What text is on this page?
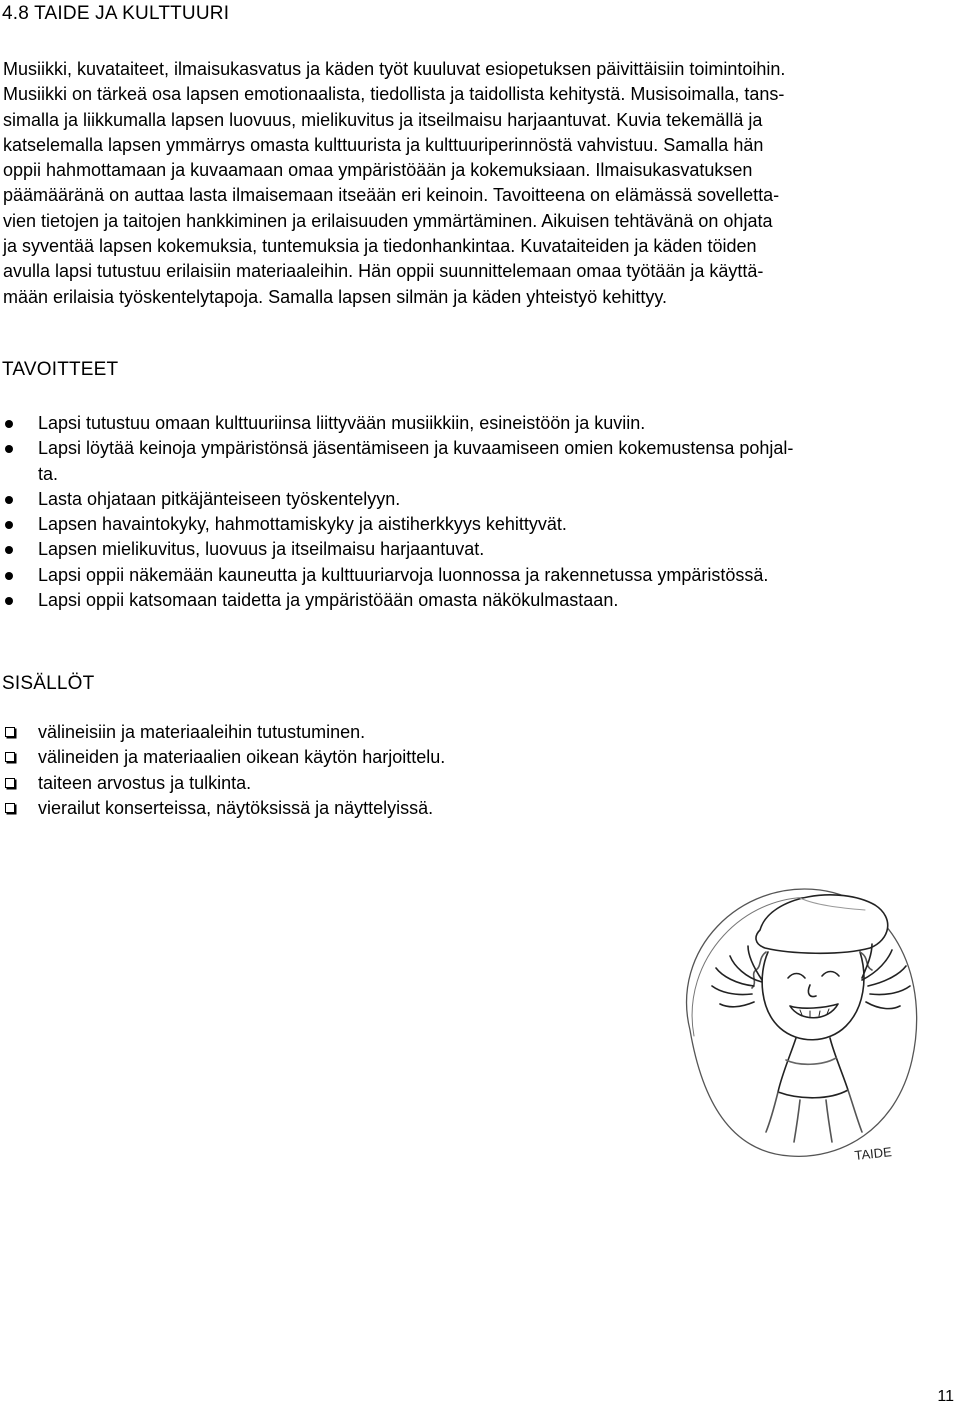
4.8 TAIDE JA KULTTUURI
Musiikki, kuvataiteet, ilmaisukasvatus ja käden työt kuuluvat esiopetuksen päivittäisiin toimintoihin.
Musiikki on tärkeä osa lapsen emotionaalista, tiedollista ja taidollista kehitystä. Musisoimalla, tans-
simalla ja liikkumalla lapsen luovuus, mielikuvitus ja itseilmaisu harjaantuvat. Kuvia tekemällä ja
katselemalla lapsen ymmärrys omasta kulttuurista ja kulttuuriperinnöstä vahvistuu. Samalla hän
oppii hahmottamaan ja kuvaamaan omaa ympäristöään ja kokemuksiaan. Ilmaisukasvatuksen
päämääränä on auttaa lasta ilmaisemaan itseään eri keinoin. Tavoitteena on elämässä sovelletta-
vien tietojen ja taitojen hankkiminen ja erilaisuuden ymmärtäminen. Aikuisen tehtävänä on ohjata
ja syventää lapsen kokemuksia, tuntemuksia ja tiedonhankintaa. Kuvataiteiden ja käden töiden
avulla lapsi tutustuu erilaisiin materiaaleihin. Hän oppii suunnittelemaan omaa työtään ja käyttä-
mään erilaisia työskentelytapoja. Samalla lapsen silmän ja käden yhteistyö kehittyy.
TAVOITTEET
Lapsi tutustuu omaan kulttuuriinsa liittyvään musiikkiin, esineistöön ja kuviin.
Lapsi löytää keinoja ympäristönsä jäsentämiseen ja kuvaamiseen omien kokemustensa pohjal-
ta.
Lasta ohjataan pitkäjänteiseen työskentelyyn.
Lapsen havaintokyky, hahmottamiskyky ja aistiherkkyys kehittyvät.
Lapsen mielikuvitus, luovuus ja itseilmaisu harjaantuvat.
Lapsi oppii näkemään kauneutta ja kulttuuriarvoja luonnossa ja rakennetussa ympäristössä.
Lapsi oppii katsomaan taidetta ja ympäristöään omasta näkökulmastaan.
SISÄLLÖT
välineisiin ja materiaaleihin tutustuminen.
välineiden ja materiaalien oikean käytön harjoittelu.
taiteen arvostus ja tulkinta.
vierailut konserteissa, näytöksissä ja näyttelyissä.
TAIDE
11
